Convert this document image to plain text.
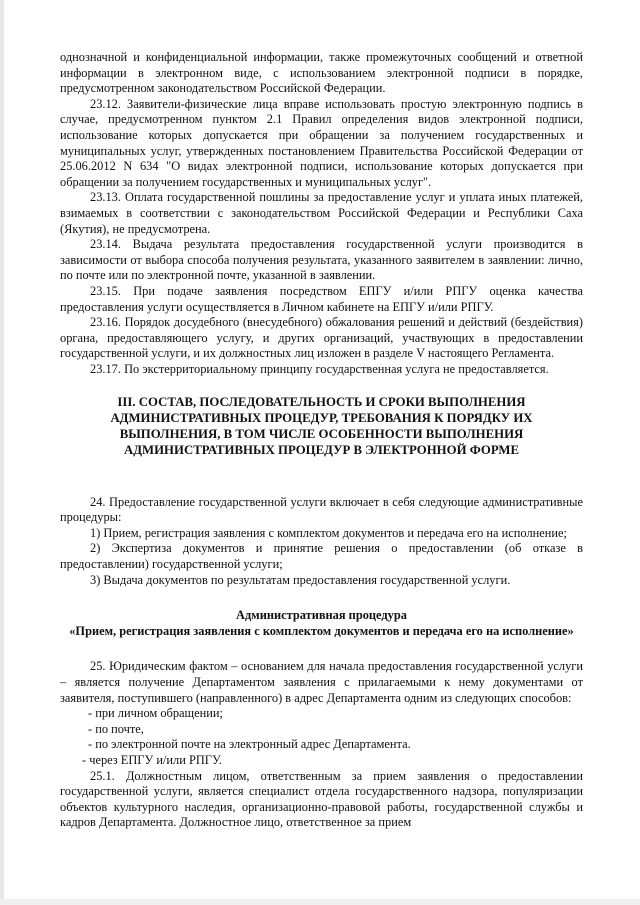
однозначной и конфиденциальной информации, также промежуточных сообщений и ответной информации в электронном виде, с использованием электронной подписи в порядке, предусмотренном законодательством Российской Федерации.

23.12. Заявители-физические лица вправе использовать простую электронную подпись в случае, предусмотренном пунктом 2.1 Правил определения видов электронной подписи, использование которых допускается при обращении за получением государственных и муниципальных услуг, утвержденных постановлением Правительства Российской Федерации от 25.06.2012 N 634 "О видах электронной подписи, использование которых допускается при обращении за получением государственных и муниципальных услуг".

23.13. Оплата государственной пошлины за предоставление услуг и уплата иных платежей, взимаемых в соответствии с законодательством Российской Федерации и Республики Саха (Якутия), не предусмотрена.

23.14. Выдача результата предоставления государственной услуги производится в зависимости от выбора способа получения результата, указанного заявителем в заявлении: лично, по почте или по электронной почте, указанной в заявлении.

23.15. При подаче заявления посредством ЕПГУ и/или РПГУ оценка качества предоставления услуги осуществляется в Личном кабинете на ЕПГУ и/или РПГУ.

23.16. Порядок досудебного (внесудебного) обжалования решений и действий (бездействия) органа, предоставляющего услугу, и других организаций, участвующих в предоставлении государственной услуги, и их должностных лиц изложен в разделе V настоящего Регламента.

23.17. По экстерриториальному принципу государственная услуга не предоставляется.

III. СОСТАВ, ПОСЛЕДОВАТЕЛЬНОСТЬ И СРОКИ ВЫПОЛНЕНИЯ АДМИНИСТРАТИВНЫХ ПРОЦЕДУР, ТРЕБОВАНИЯ К ПОРЯДКУ ИХ ВЫПОЛНЕНИЯ, В ТОМ ЧИСЛЕ ОСОБЕННОСТИ ВЫПОЛНЕНИЯ АДМИНИСТРАТИВНЫХ ПРОЦЕДУР В ЭЛЕКТРОННОЙ ФОРМЕ

24. Предоставление государственной услуги включает в себя следующие административные процедуры:

1) Прием, регистрация заявления с комплектом документов и передача его на исполнение;

2) Экспертиза документов и принятие решения о предоставлении (об отказе в предоставлении) государственной услуги;

3) Выдача документов по результатам предоставления государственной услуги.

Административная процедура

«Прием, регистрация заявления с комплектом документов и передача его на исполнение»

25. Юридическим фактом – основанием для начала предоставления государственной услуги – является получение Департаментом заявления с прилагаемыми к нему документами от заявителя, поступившего (направленного) в адрес Департамента одним из следующих способов:

- при личном обращении;

- по почте,

- по электронной почте на электронный адрес Департамента.

- через ЕПГУ и/или РПГУ.

25.1. Должностным лицом, ответственным за прием заявления о предоставлении государственной услуги, является специалист отдела государственного надзора, популяризации объектов культурного наследия, организационно-правовой работы, государственной службы и кадров Департамента. Должностное лицо, ответственное за прием
